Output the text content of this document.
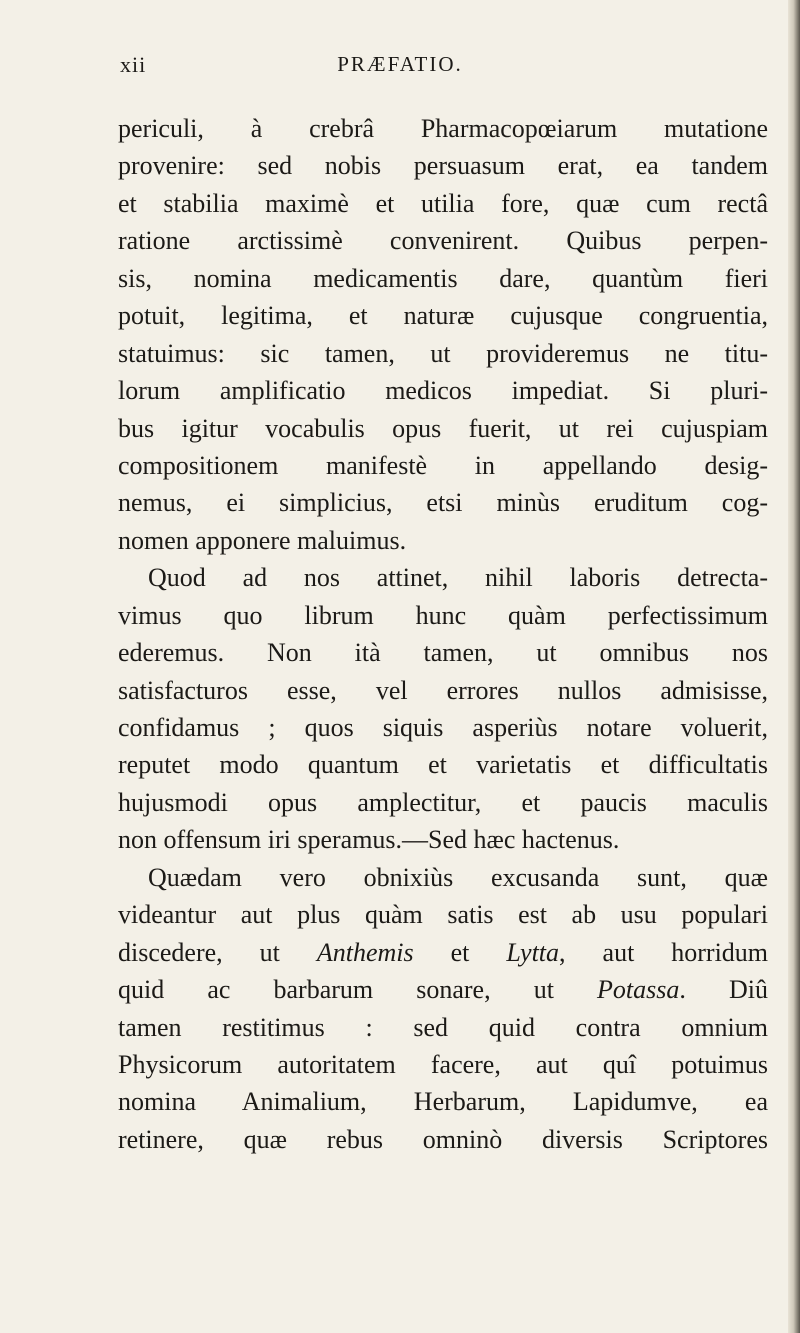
xii	PRÆFATIO.
periculi, à crebrâ Pharmacopœiarum mutatione
provenire: sed nobis persuasum erat, ea tandem
et stabilia maximè et utilia fore, quæ cum rectâ
ratione arctissimè convenirent. Quibus perpen-
sis, nomina medicamentis dare, quantùm fieri
potuit, legitima, et naturæ cujusque congruentia,
statuimus: sic tamen, ut provideremus ne titu-
lorum amplificatio medicos impediat. Si pluri-
bus igitur vocabulis opus fuerit, ut rei cujuspiam
compositionem manifestè in appellando desig-
nemus, ei simplicius, etsi minùs eruditum cog-
nomen apponere maluimus.
Quod ad nos attinet, nihil laboris detrecta-
vimus quo librum hunc quàm perfectissimum
ederemus. Non ità tamen, ut omnibus nos
satisfacturos esse, vel errores nullos admisisse,
confidamus ; quos siquis asperiùs notare voluerit,
reputet modo quantum et varietatis et difficultatis
hujusmodi opus amplectitur, et paucis maculis
non offensum iri speramus.—Sed hæc hactenus.
Quædam vero obnixiùs excusanda sunt, quæ
videantur aut plus quàm satis est ab usu populari
discedere, ut Anthemis et Lytta, aut horridum
quid ac barbarum sonare, ut Potassa. Diû
tamen restitimus : sed quid contra omnium
Physicorum autoritatem facere, aut quî potuimus
nomina Animalium, Herbarum, Lapidumve, ea
retinere, quæ rebus omninò diversis Scriptores
